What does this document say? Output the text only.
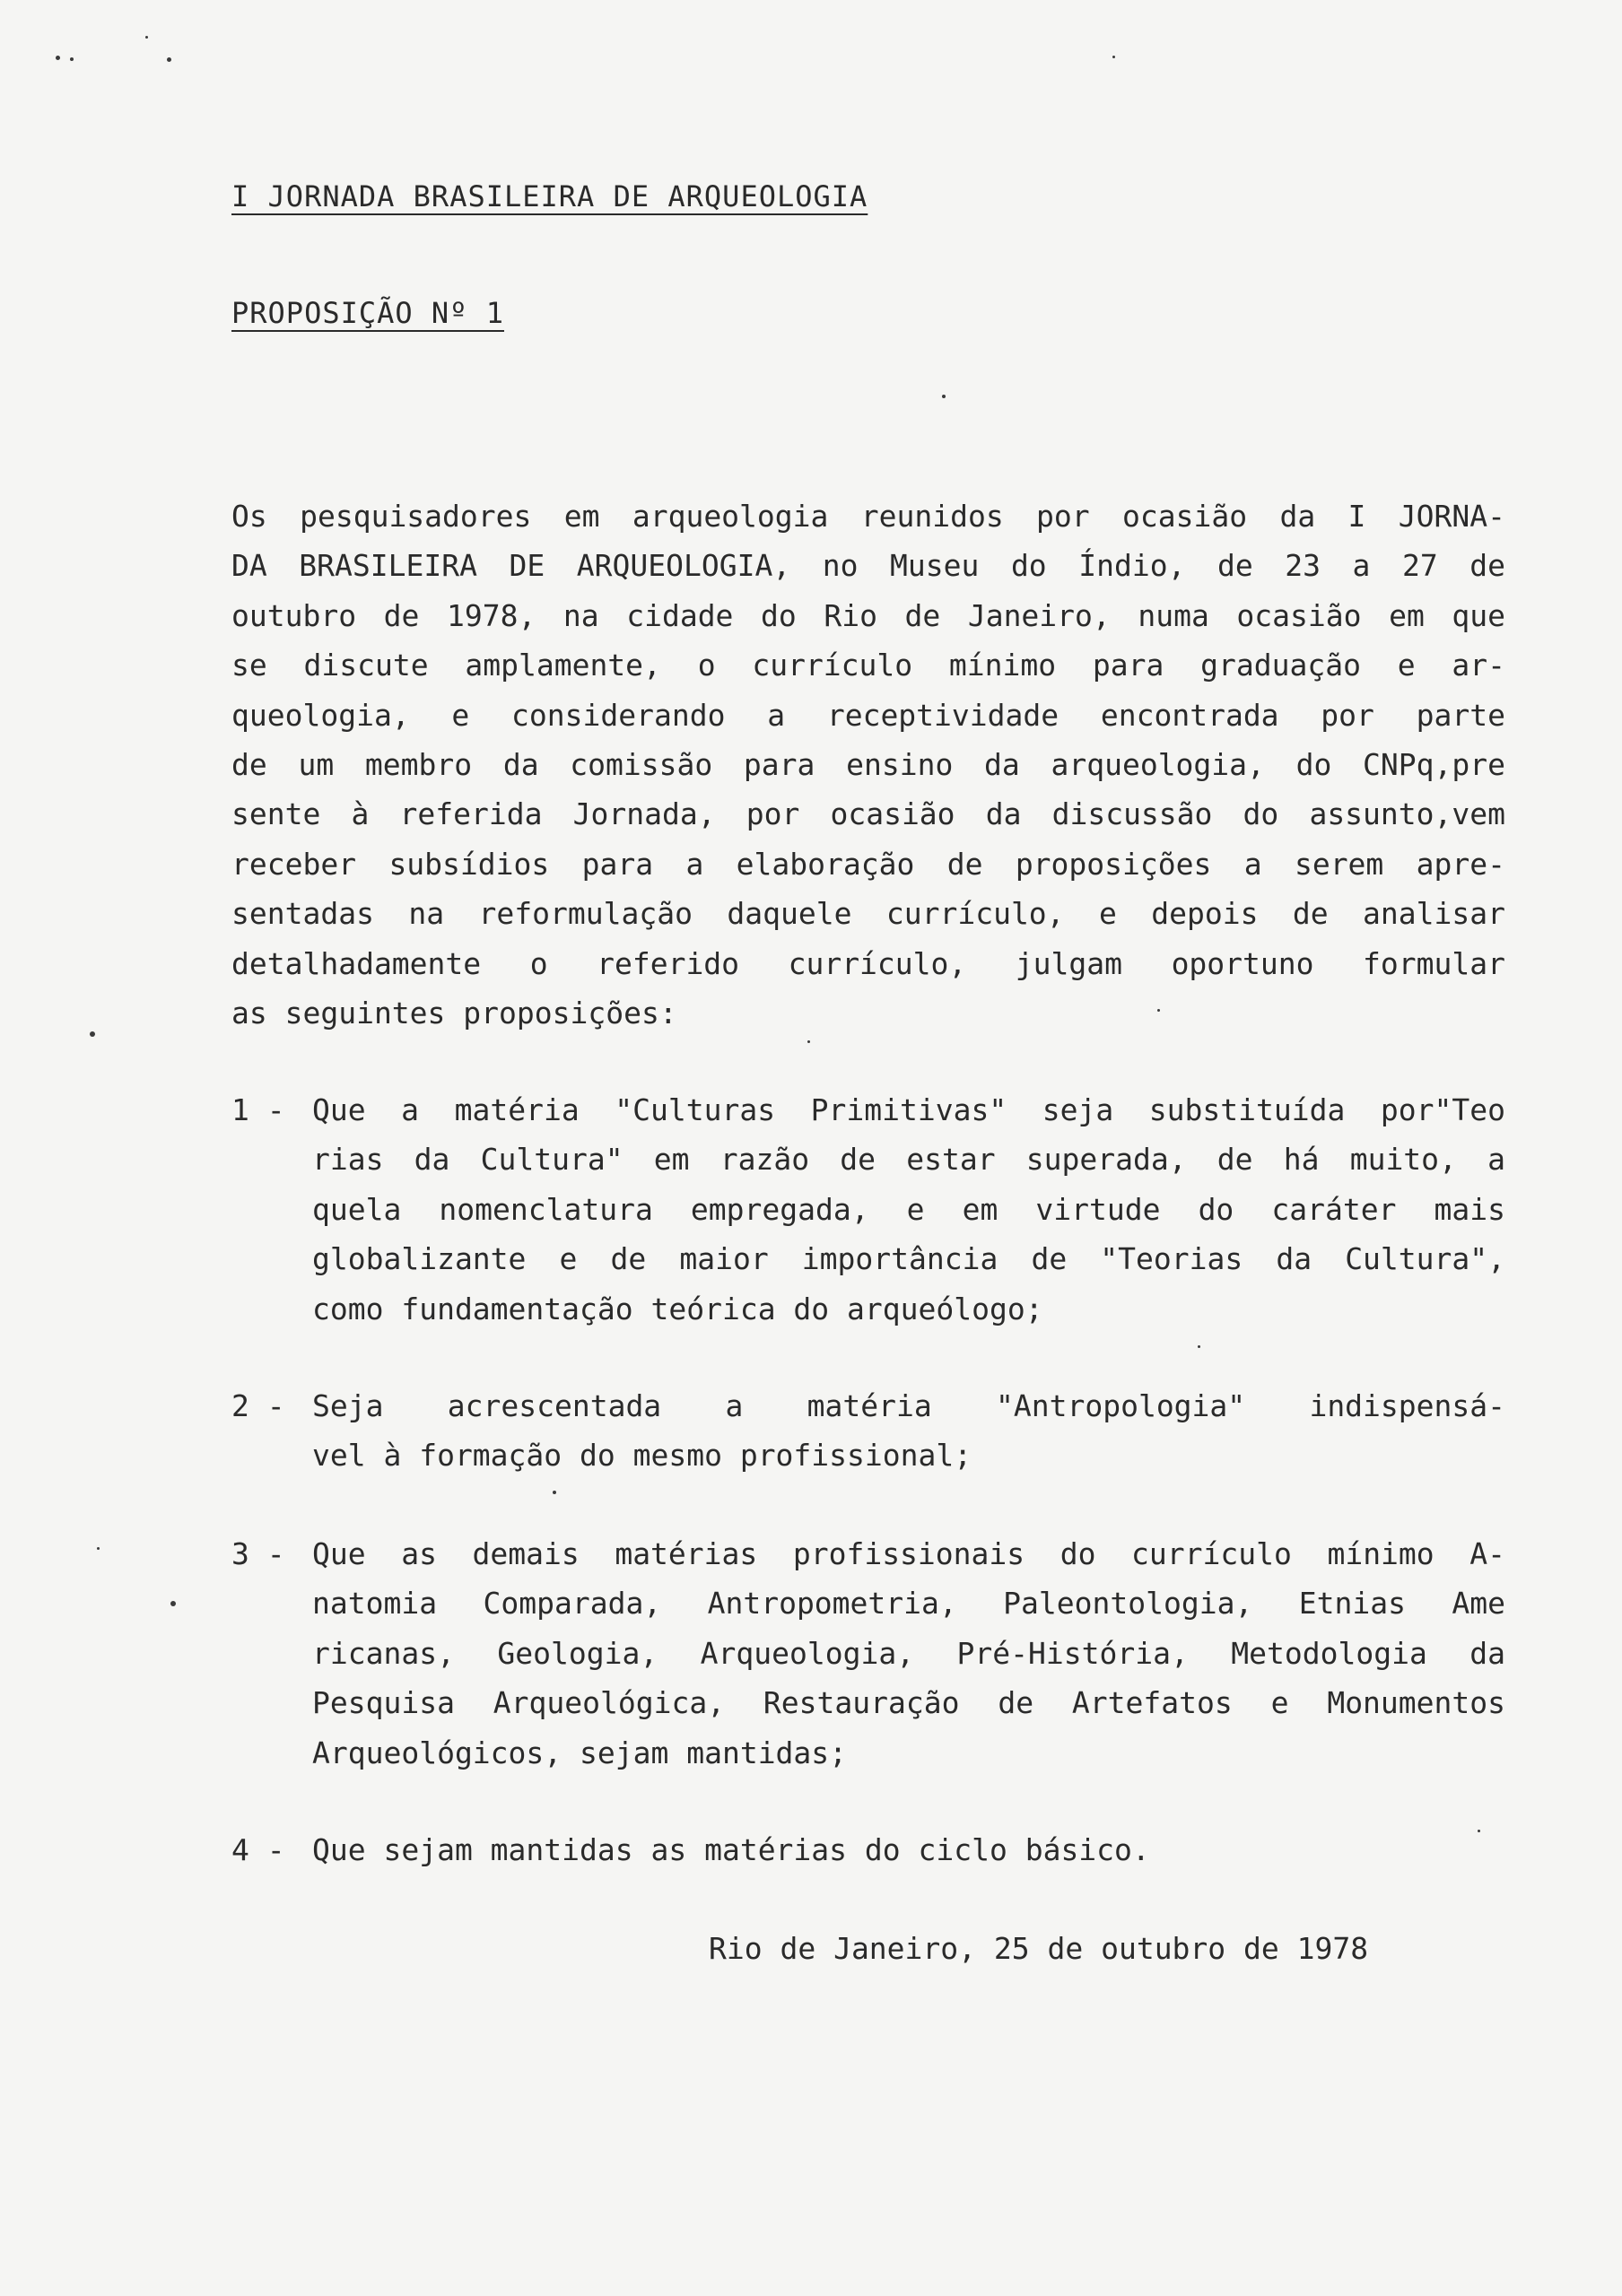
I JORNADA BRASILEIRA DE ARQUEOLOGIA
PROPOSIÇÃO Nº 1
Os pesquisadores em arqueologia reunidos por ocasião da I JORNA-
DA BRASILEIRA DE ARQUEOLOGIA, no Museu do Índio, de 23 a 27 de
outubro de 1978, na cidade do Rio de Janeiro, numa ocasião em que
se discute amplamente, o currículo mínimo para graduação e ar-
queologia, e considerando a receptividade encontrada por parte
de um membro da comissão para ensino da arqueologia, do CNPq,pre
sente à referida Jornada, por ocasião da discussão do assunto,vem
receber subsídios para a elaboração de proposições a serem apre-
sentadas na reformulação daquele currículo, e depois de analisar
detalhadamente o referido currículo, julgam oportuno formular
as seguintes proposições:
1 - Que a matéria "Culturas Primitivas" seja substituída por"Teo
rias da Cultura" em razão de estar superada, de há muito, a
quela nomenclatura empregada, e em virtude do caráter mais
globalizante e de maior importância de "Teorias da Cultura",
como fundamentação teórica do arqueólogo;
2 - Seja acrescentada a matéria "Antropologia" indispensá-
vel à formação do mesmo profissional;
3 - Que as demais matérias profissionais do currículo mínimo A-
natomia Comparada, Antropometria, Paleontologia, Etnias Ame
ricanas, Geologia, Arqueologia, Pré-História, Metodologia da
Pesquisa Arqueológica, Restauração de Artefatos e Monumentos
Arqueológicos, sejam mantidas;
4 - Que sejam mantidas as matérias do ciclo básico.
Rio de Janeiro, 25 de outubro de 1978
